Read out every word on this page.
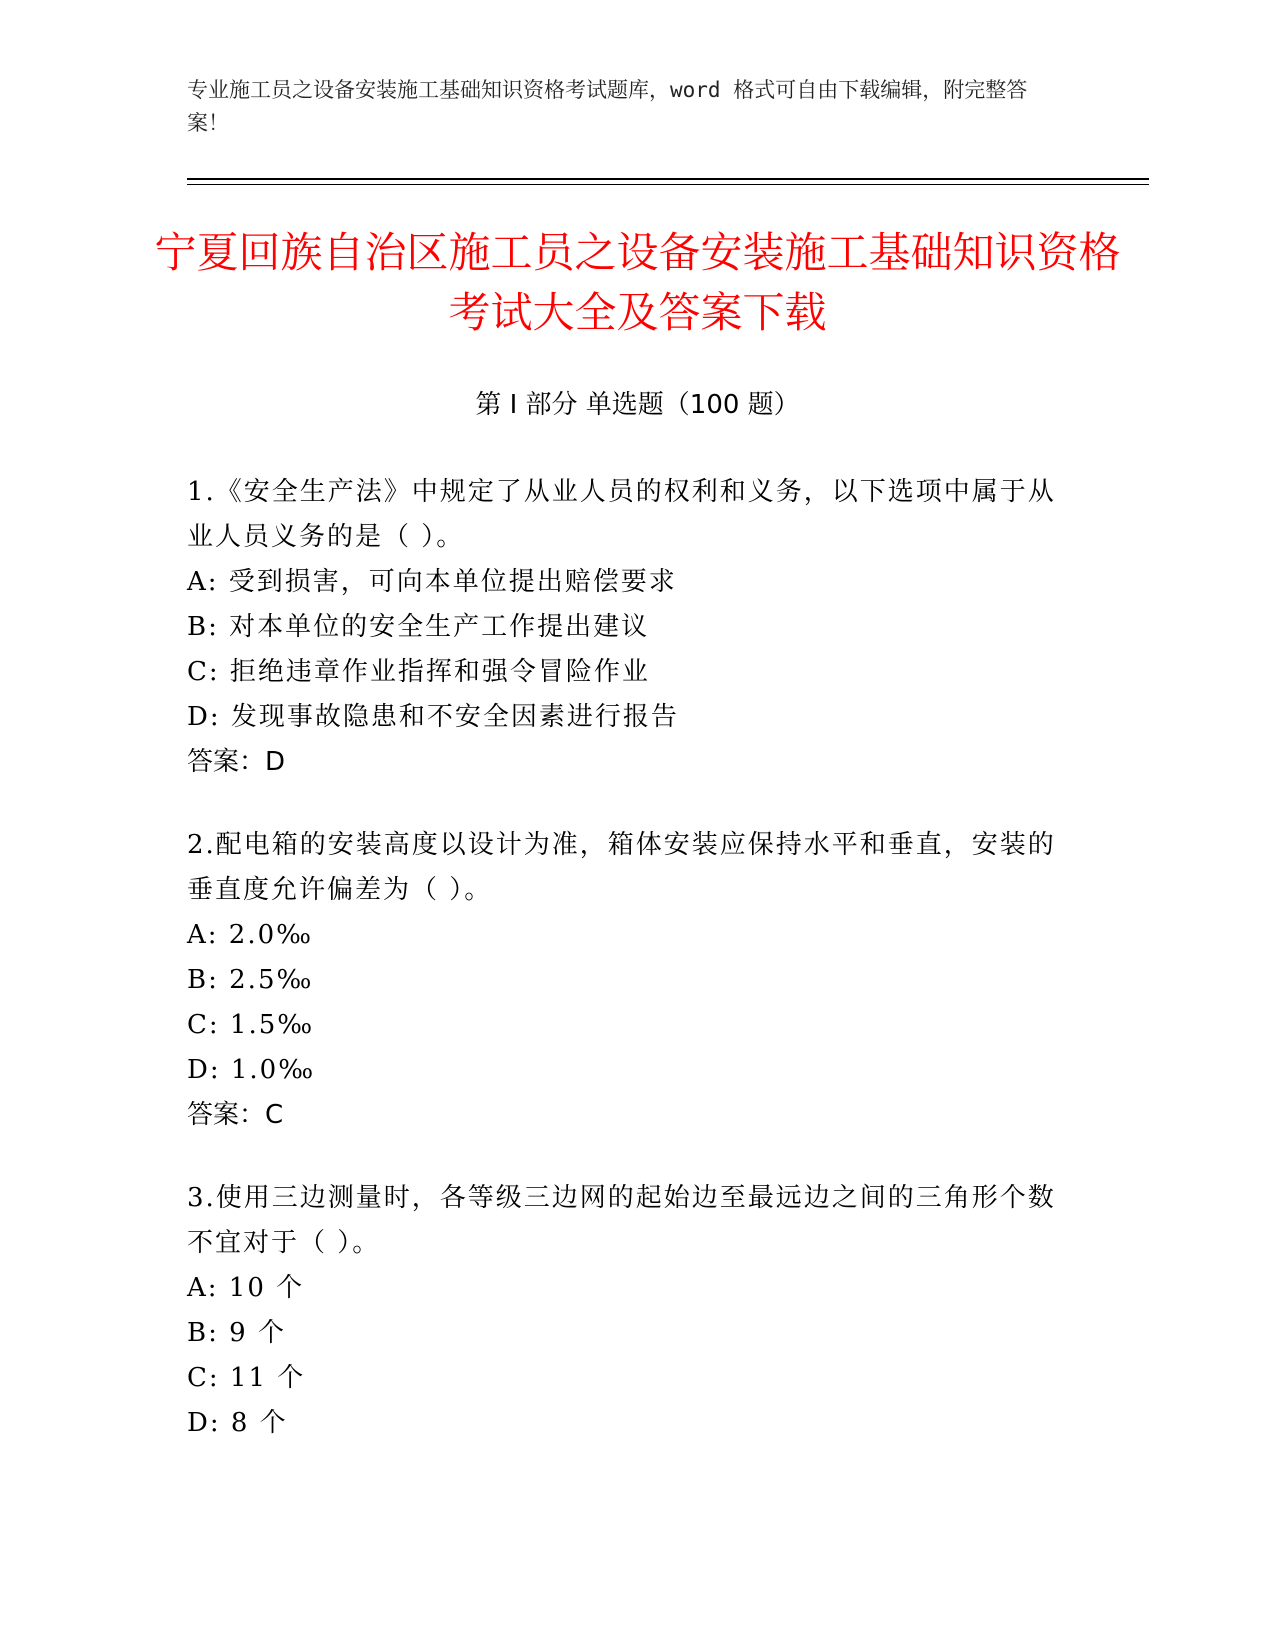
专业施工员之设备安装施工基础知识资格考试题库，word 格式可自由下载编辑，附完整答案！
宁夏回族自治区施工员之设备安装施工基础知识资格考试大全及答案下载
第 I 部分 单选题（100 题）

1.《安全生产法》中规定了从业人员的权利和义务，以下选项中属于从业人员义务的是（ ）。

A: 受到损害，可向本单位提出赔偿要求

B: 对本单位的安全生产工作提出建议

C: 拒绝违章作业指挥和强令冒险作业

D: 发现事故隐患和不安全因素进行报告

答案：D

2.配电箱的安装高度以设计为准，箱体安装应保持水平和垂直，安装的垂直度允许偏差为（ ）。

A: 2.0‰

B: 2.5‰

C: 1.5‰

D: 1.0‰

答案：C

3.使用三边测量时，各等级三边网的起始边至最远边之间的三角形个数不宜对于（ ）。

A: 10 个

B: 9 个

C: 11 个

D: 8 个
